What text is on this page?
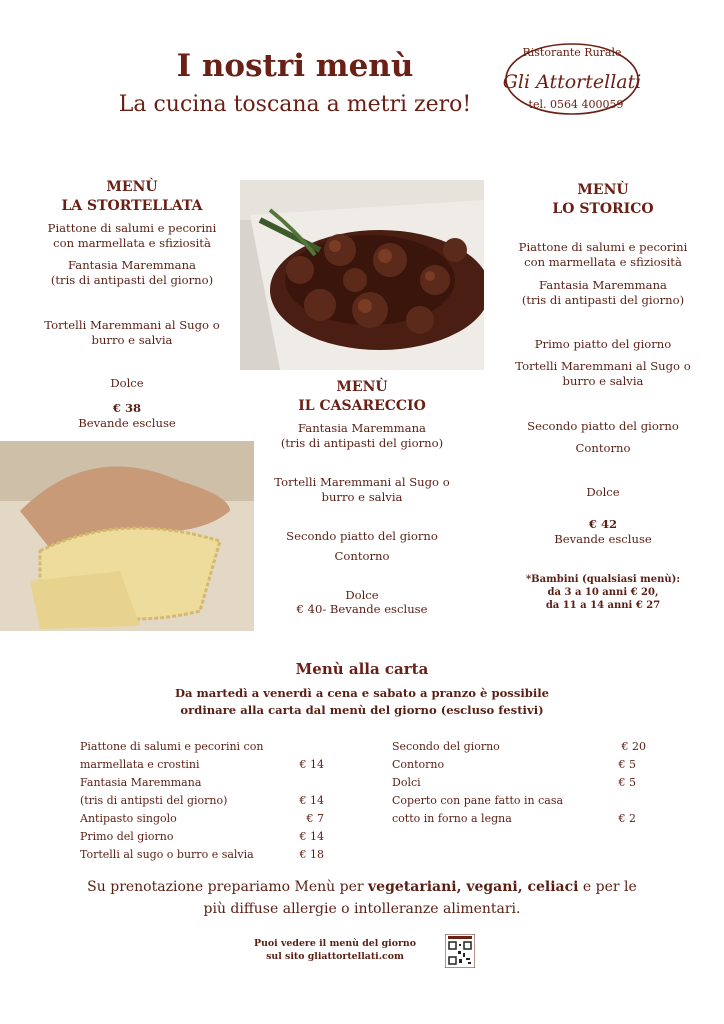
I nostri menù
La cucina toscana a metri zero!
Ristorante Rurale
Gli Attortellati
tel. 0564 400059
MENÙ
LA STORTELLATA
Piattone di salumi e pecorini
con marmellata e sfiziosità
Fantasia Maremmana
(tris di antipasti del giorno)
Tortelli Maremmani al Sugo o
burro e salvia
Dolce
€ 38
Bevande escluse
MENÙ
IL CASARECCIO
Fantasia Maremmana
(tris di antipasti del giorno)
Tortelli Maremmani al Sugo o
burro e salvia
Secondo piatto del giorno
Contorno
Dolce
€ 40- Bevande escluse
MENÙ
LO STORICO
Piattone di salumi e pecorini
con marmellata e sfiziosità
Fantasia Maremmana
(tris di antipasti del giorno)
Primo piatto del giorno
Tortelli Maremmani al Sugo o
burro e salvia
Secondo piatto del giorno
Contorno
Dolce
€ 42
Bevande escluse
*Bambini (qualsiasi menù):
da 3 a 10 anni € 20,
da 11 a 14 anni € 27
Menù alla carta
Da martedì a venerdì a cena e sabato a pranzo è possibile
ordinare alla carta dal menù del giorno (escluso festivi)
Piattone di salumi e pecorini con
marmellata e crostini	€ 14
Fantasia Maremmana
(tris di antipsti del giorno)	€ 14
Antipasto singolo	€ 7
Primo del giorno	€ 14
Tortelli al sugo o burro e salvia	€ 18
Secondo del giorno	€ 20
Contorno	€ 5
Dolci	€ 5
Coperto con pane fatto in casa
cotto in forno a legna	€ 2
Su prenotazione prepariamo Menù per vegetariani, vegani, celiaci e per le
più diffuse allergie o intolleranze alimentari.
Puoi vedere il menù del giorno
sul sito gliattortellati.com
